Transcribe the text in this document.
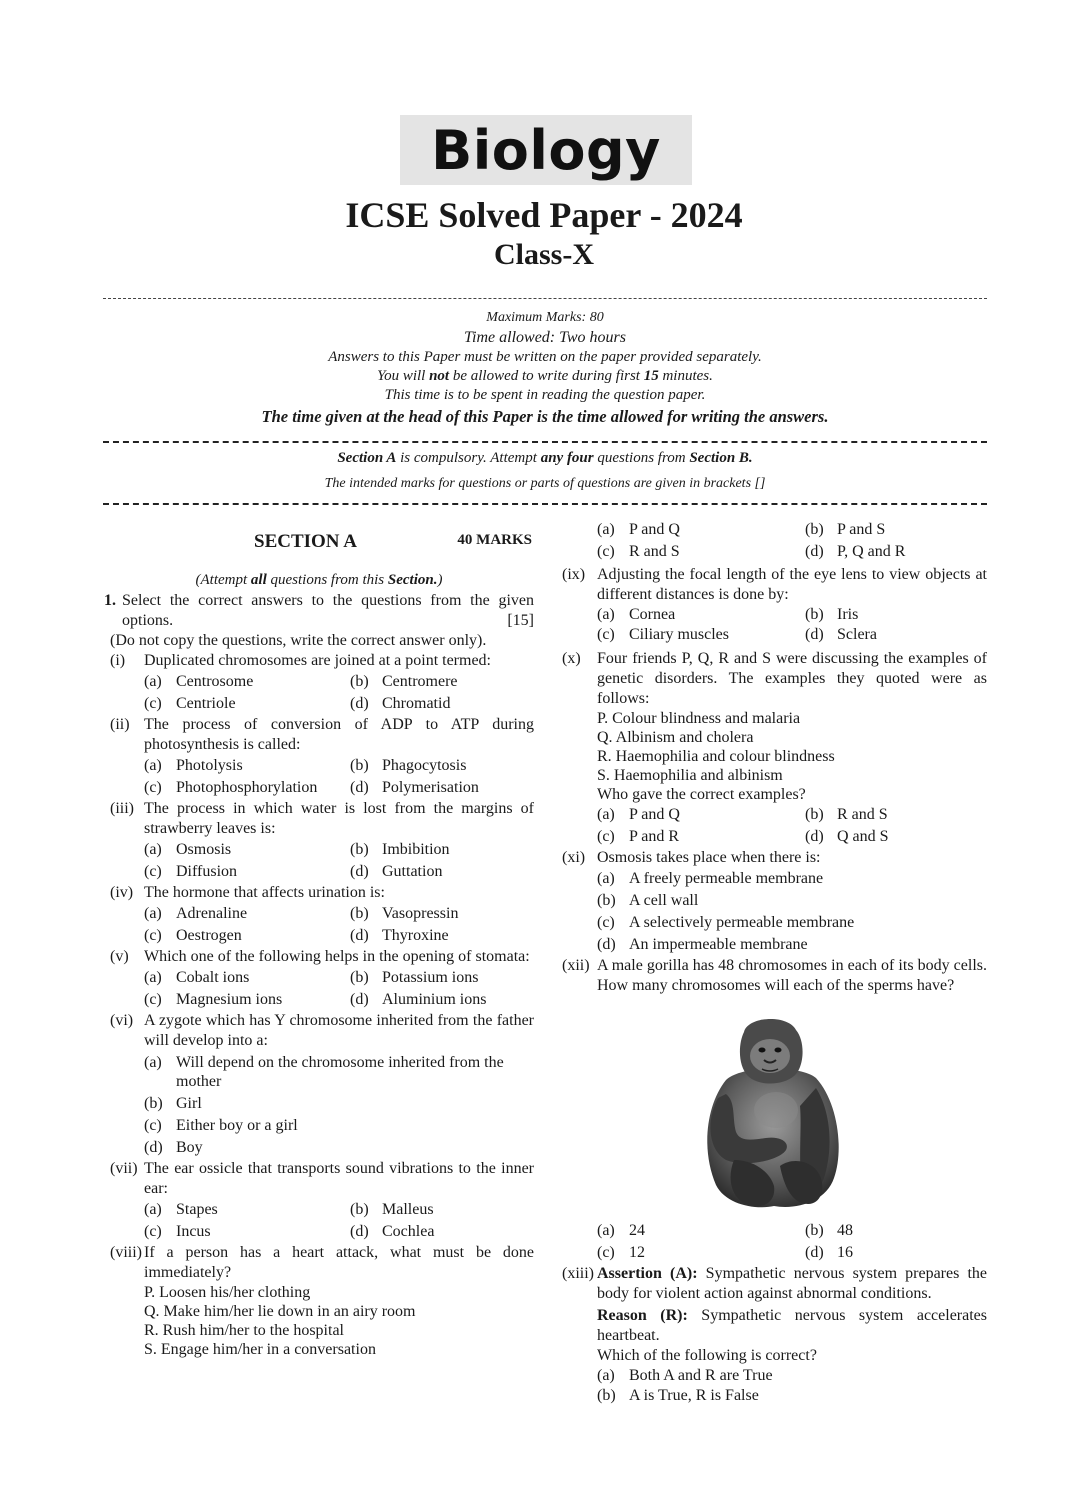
Biology
ICSE Solved Paper - 2024
Class-X
Maximum Marks: 80
Time allowed: Two hours
Answers to this Paper must be written on the paper provided separately.
You will not be allowed to write during first 15 minutes.
This time is to be spent in reading the question paper.
The time given at the head of this Paper is the time allowed for writing the answers.
Section A is compulsory. Attempt any four questions from Section B.
The intended marks for questions or parts of questions are given in brackets []
SECTION A	40 MARKS
(Attempt all questions from this Section.)
1. Select the correct answers to the questions from the given options.	[15]
(Do not copy the questions, write the correct answer only).
(i)	Duplicated chromosomes are joined at a point termed:
(a) Centrosome	(b) Centromere
(c) Centriole	(d) Chromatid
(ii) The process of conversion of ADP to ATP during photosynthesis is called:
(a) Photolysis	(b) Phagocytosis
(c) Photophosphorylation (d) Polymerisation
(iii) The process in which water is lost from the margins of strawberry leaves is:
(a) Osmosis	(b) Imbibition
(c) Diffusion	(d) Guttation
(iv) The hormone that affects urination is:
(a) Adrenaline	(b) Vasopressin
(c) Oestrogen	(d) Thyroxine
(v) Which one of the following helps in the opening of stomata:
(a) Cobalt ions	(b) Potassium ions
(c) Magnesium ions	(d) Aluminium ions
(vi) A zygote which has Y chromosome inherited from the father will develop into a:
(a) Will depend on the chromosome inherited from the mother
(b) Girl
(c) Either boy or a girl
(d) Boy
(vii) The ear ossicle that transports sound vibrations to the inner ear:
(a) Stapes	(b) Malleus
(c) Incus	(d) Cochlea
(viii) If a person has a heart attack, what must be done immediately?
P. Loosen his/her clothing
Q. Make him/her lie down in an airy room
R. Rush him/her to the hospital
S. Engage him/her in a conversation
(a) P and Q	(b) P and S
(c) R and S	(d) P, Q and R
(ix) Adjusting the focal length of the eye lens to view objects at different distances is done by:
(a) Cornea	(b) Iris
(c) Ciliary muscles	(d) Sclera
(x)	Four friends P, Q, R and S were discussing the examples of genetic disorders. The examples they quoted were as follows:
P. Colour blindness and malaria
Q. Albinism and cholera
R. Haemophilia and colour blindness
S. Haemophilia and albinism
Who gave the correct examples?
(a) P and Q	(b) R and S
(c) P and R	(d) Q and S
(xi) Osmosis takes place when there is:
(a) A freely permeable membrane
(b) A cell wall
(c) A selectively permeable membrane
(d) An impermeable membrane
(xii) A male gorilla has 48 chromosomes in each of its body cells. How many chromosomes will each of the sperms have?
(a) 24	(b) 48
(c) 12	(d) 16
(xiii) Assertion (A): Sympathetic nervous system prepares the body for violent action against abnormal conditions.
Reason (R): Sympathetic nervous system accelerates heartbeat.
Which of the following is correct?
(a) Both A and R are True
(b) A is True, R is False
